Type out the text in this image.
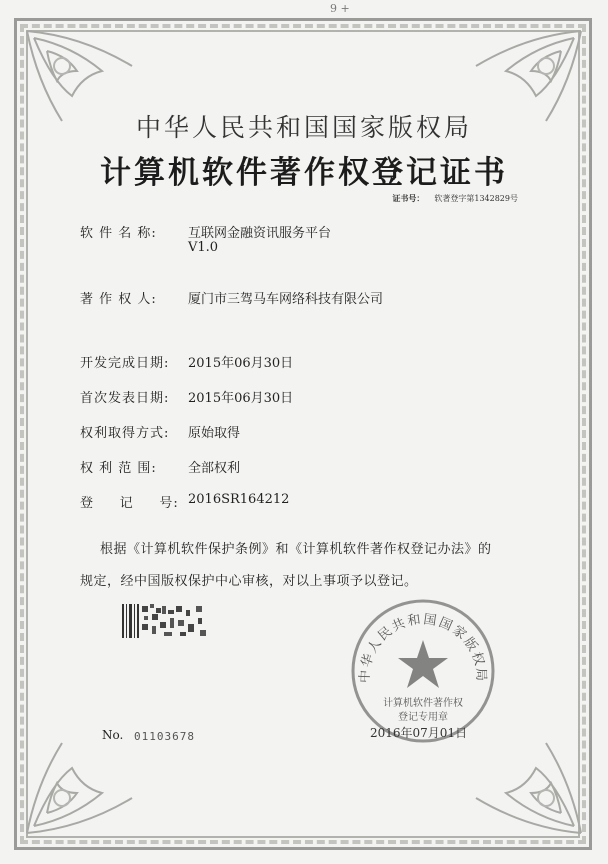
9 +
中华人民共和国国家版权局
计算机软件著作权登记证书
证书号： 软著登字第1342829号
软 件 名 称: 互联网金融资讯服务平台
V1.0
著 作 权 人: 厦门市三驾马车网络科技有限公司
开发完成日期: 2015年06月30日
首次发表日期: 2015年06月30日
权利取得方式: 原始取得
权 利 范 围: 全部权利
登     记     号: 2016SR164212
根据《计算机软件保护条例》和《计算机软件著作权登记办法》的
规定，经中国版权保护中心审核，对以上事项予以登记。
中华人民共和国国家版权局
计算机软件著作权
登记专用章
No. 01103678	2016年07月01日
